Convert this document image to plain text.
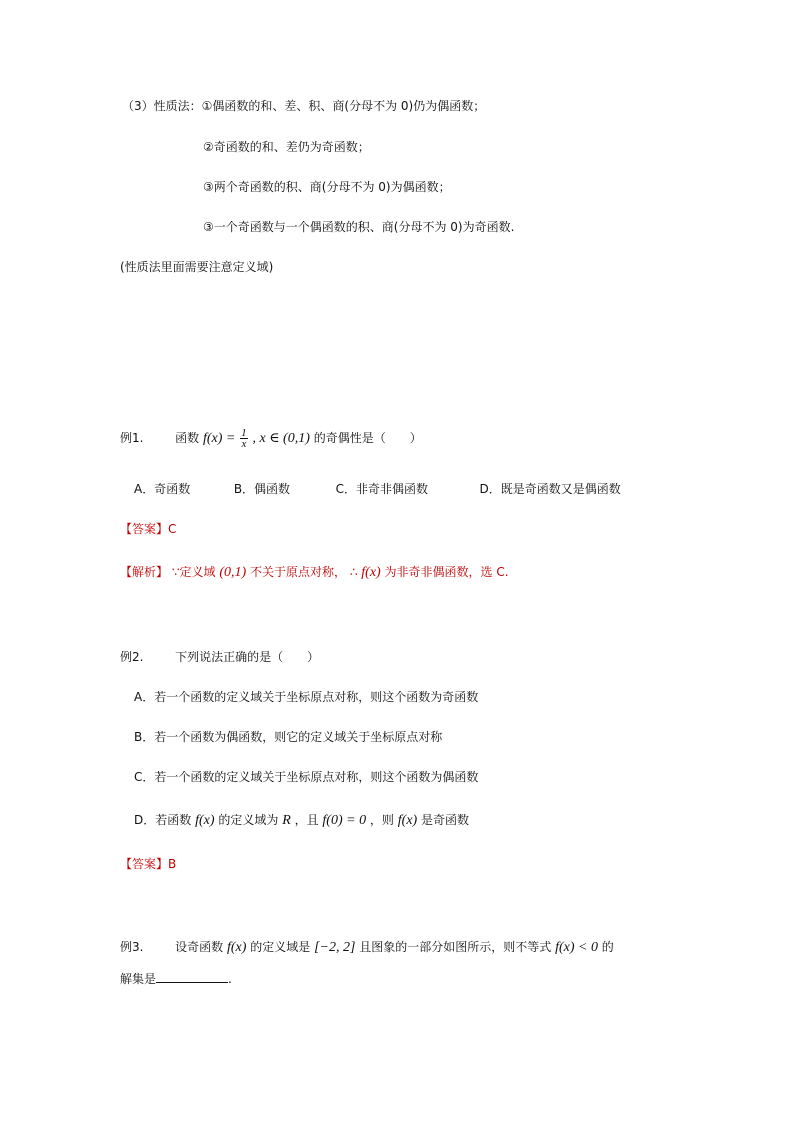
（3）性质法：①偶函数的和、差、积、商(分母不为 0)仍为偶函数；
②奇函数的和、差仍为奇函数；
③两个奇函数的积、商(分母不为 0)为偶函数；
③一个奇函数与一个偶函数的积、商(分母不为 0)为奇函数.
(性质法里面需要注意定义域)
例1.	函数 $f(x) = \frac{1}{x}$ , x ∈ (0,1) 的奇偶性是（　　）
A．奇函数	B．偶函数	C．非奇非偶函数	D．既是奇函数又是偶函数
【答案】C
【解析】 ∵定义域 (0,1) 不关于原点对称， ∴ f(x) 为非奇非偶函数，选 C.
例2.	下列说法正确的是（　　）
A．若一个函数的定义域关于坐标原点对称，则这个函数为奇函数
B．若一个函数为偶函数，则它的定义域关于坐标原点对称
C．若一个函数的定义域关于坐标原点对称，则这个函数为偶函数
D．若函数 f(x) 的定义域为 R ，且 f(0) = 0 ，则 f(x) 是奇函数
【答案】B
例3.	设奇函数 f(x) 的定义域是 [−2, 2] 且图象的一部分如图所示，则不等式 f(x) < 0 的
解集是	.
